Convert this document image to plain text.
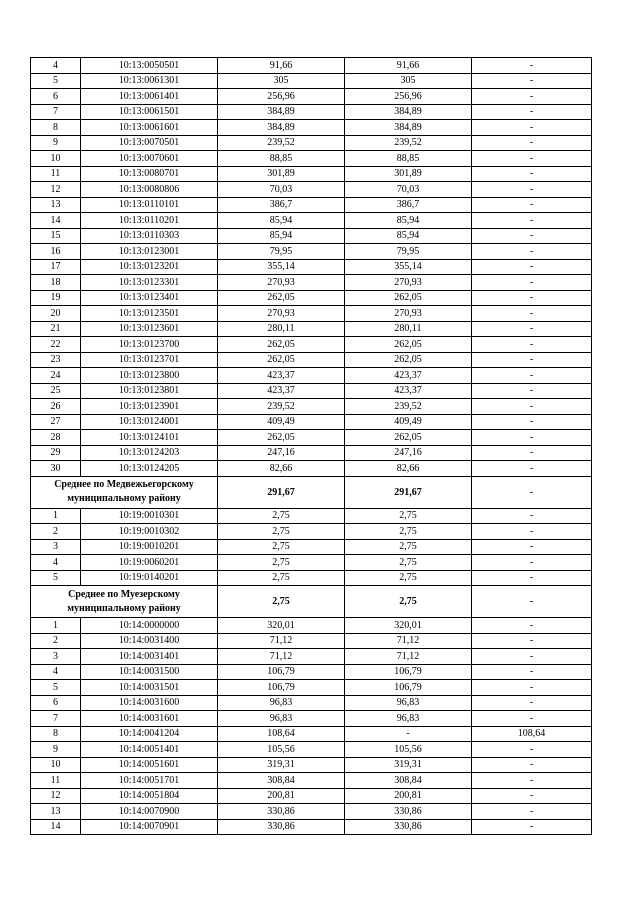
4	10:13:0050501	91,66	91,66	-
5	10:13:0061301	305	305	-
6	10:13:0061401	256,96	256,96	-
7	10:13:0061501	384,89	384,89	-
8	10:13:0061601	384,89	384,89	-
9	10:13:0070501	239,52	239,52	-
10	10:13:0070601	88,85	88,85	-
11	10:13:0080701	301,89	301,89	-
12	10:13:0080806	70,03	70,03	-
13	10:13:0110101	386,7	386,7	-
14	10:13:0110201	85,94	85,94	-
15	10:13:0110303	85,94	85,94	-
16	10:13:0123001	79,95	79,95	-
17	10:13:0123201	355,14	355,14	-
18	10:13:0123301	270,93	270,93	-
19	10:13:0123401	262,05	262,05	-
20	10:13:0123501	270,93	270,93	-
21	10:13:0123601	280,11	280,11	-
22	10:13:0123700	262,05	262,05	-
23	10:13:0123701	262,05	262,05	-
24	10:13:0123800	423,37	423,37	-
25	10:13:0123801	423,37	423,37	-
26	10:13:0123901	239,52	239,52	-
27	10:13:0124001	409,49	409,49	-
28	10:13:0124101	262,05	262,05	-
29	10:13:0124203	247,16	247,16	-
30	10:13:0124205	82,66	82,66	-
Среднее по Медвежьегорскому муниципальному району		291,67	291,67	-
1	10:19:0010301	2,75	2,75	-
2	10:19:0010302	2,75	2,75	-
3	10:19:0010201	2,75	2,75	-
4	10:19:0060201	2,75	2,75	-
5	10:19:0140201	2,75	2,75	-
Среднее по Муезерскому муниципальному району		2,75	2,75	-
1	10:14:0000000	320,01	320,01	-
2	10:14:0031400	71,12	71,12	-
3	10:14:0031401	71,12	71,12	-
4	10:14:0031500	106,79	106,79	-
5	10:14:0031501	106,79	106,79	-
6	10:14:0031600	96,83	96,83	-
7	10:14:0031601	96,83	96,83	-
8	10:14:0041204	108,64	-	108,64
9	10:14:0051401	105,56	105,56	-
10	10:14:0051601	319,31	319,31	-
11	10:14:0051701	308,84	308,84	-
12	10:14:0051804	200,81	200,81	-
13	10:14:0070900	330,86	330,86	-
14	10:14:0070901	330,86	330,86	-
